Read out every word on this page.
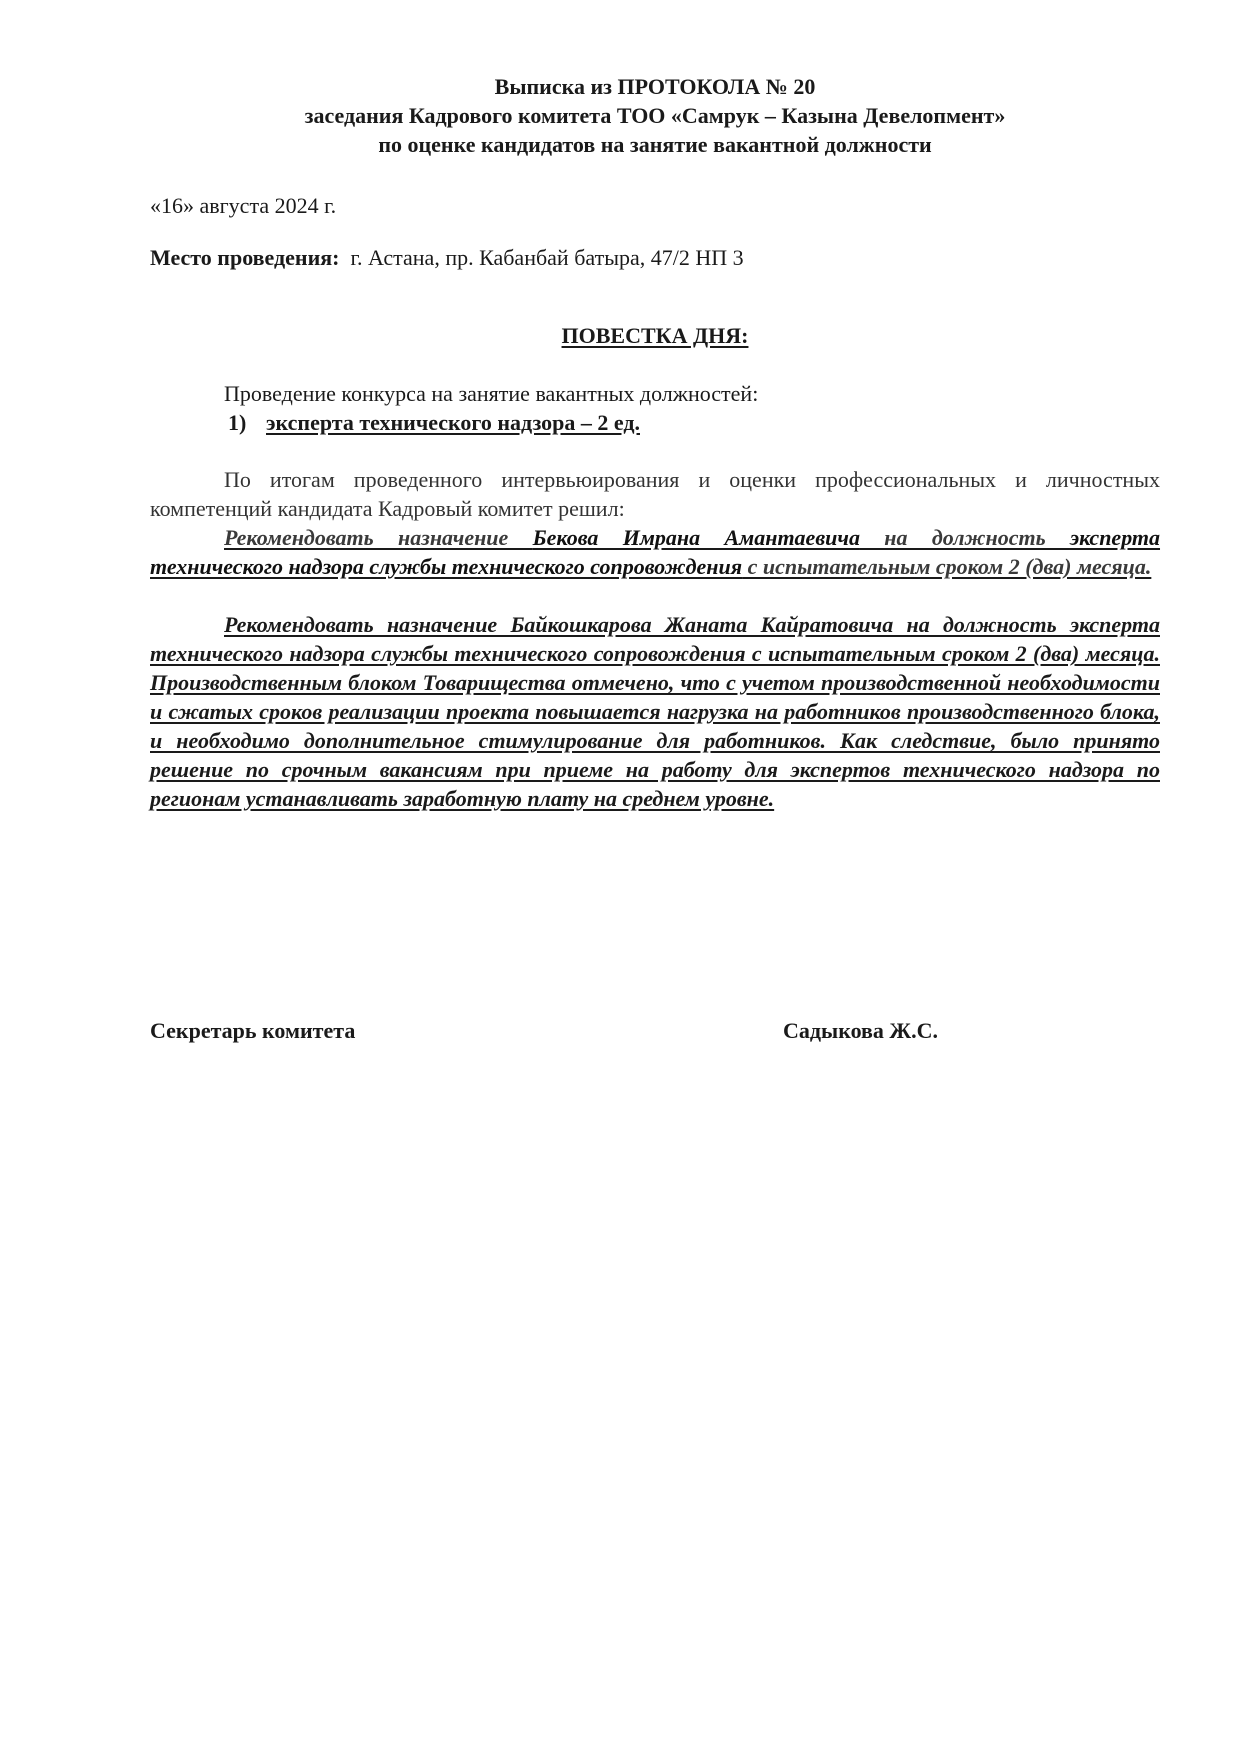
Выписка из ПРОТОКОЛА № 20
заседания Кадрового комитета ТОО «Самрук – Казына Девелопмент»
по оценке кандидатов на занятие вакантной должности
«16» августа 2024 г.
Место проведения: г. Астана, пр. Кабанбай батыра, 47/2 НП 3
ПОВЕСТКА ДНЯ:
Проведение конкурса на занятие вакантных должностей:
1) эксперта технического надзора – 2 ед.
По итогам проведенного интервьюирования и оценки профессиональных и личностных компетенций кандидата Кадровый комитет решил:
Рекомендовать назначение Бекова Имрана Амантаевича на должность эксперта технического надзора службы технического сопровождения с испытательным сроком 2 (два) месяца.
Рекомендовать назначение Байкошкарова Жаната Кайратовича на должность эксперта технического надзора службы технического сопровождения с испытательным сроком 2 (два) месяца. Производственным блоком Товарищества отмечено, что с учетом производственной необходимости и сжатых сроков реализации проекта повышается нагрузка на работников производственного блока, и необходимо дополнительное стимулирование для работников. Как следствие, было принято решение по срочным вакансиям при приеме на работу для экспертов технического надзора по регионам устанавливать заработную плату на среднем уровне.
Секретарь комитета	Садыкова Ж.С.
